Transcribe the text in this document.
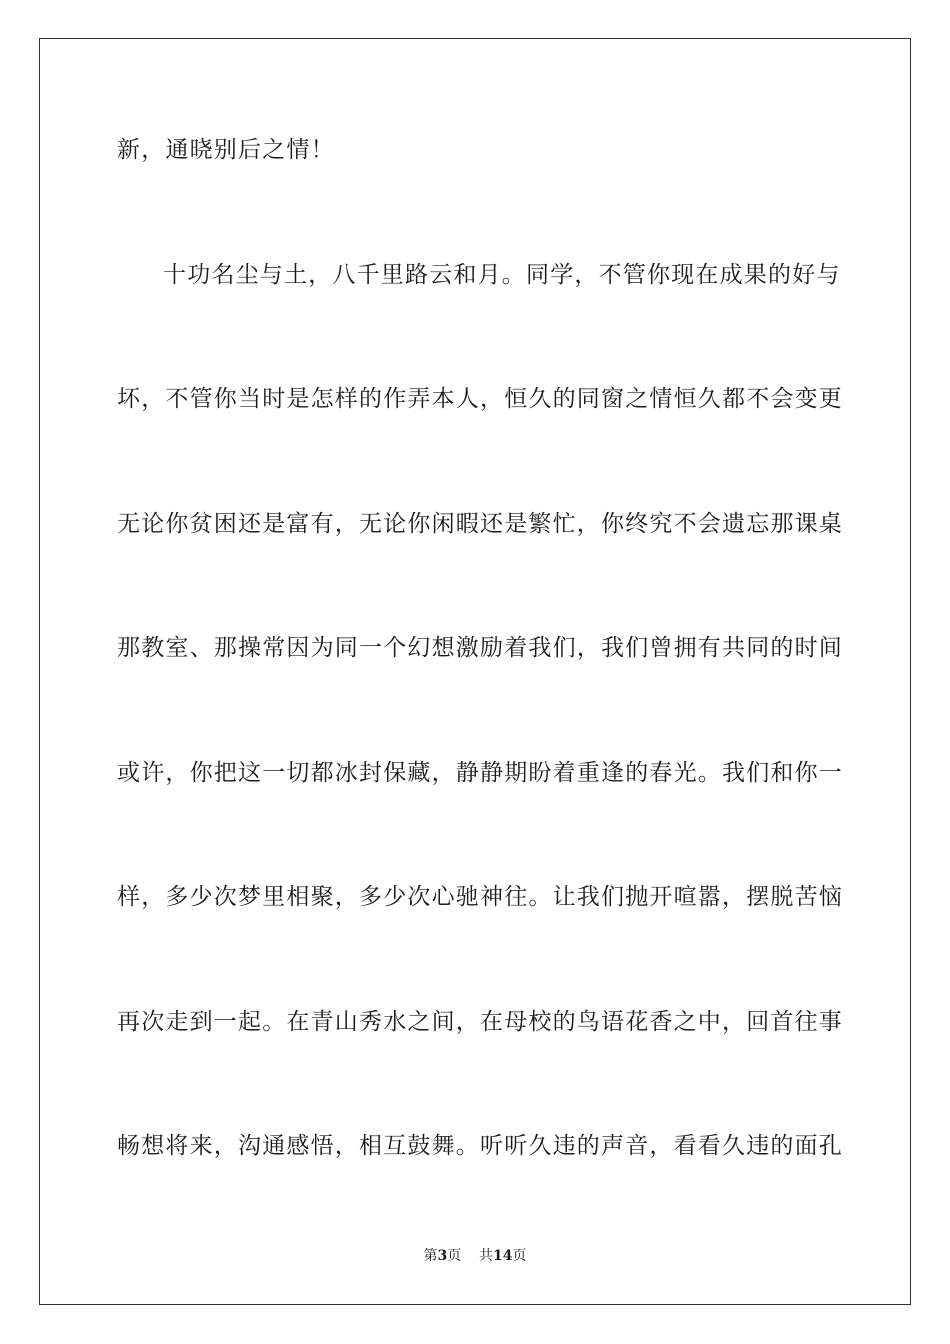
新，通晓别后之情！
十功名尘与土，八千里路云和月。同学，不管你现在成果的好与
坏，不管你当时是怎样的作弄本人，恒久的同窗之情恒久都不会变更
无论你贫困还是富有，无论你闲暇还是繁忙，你终究不会遗忘那课桌
那教室、那操常因为同一个幻想激励着我们，我们曾拥有共同的时间
或许，你把这一切都冰封保藏，静静期盼着重逢的春光。我们和你一
样，多少次梦里相聚，多少次心驰神往。让我们抛开喧嚣，摆脱苦恼
再次走到一起。在青山秀水之间，在母校的鸟语花香之中，回首往事
畅想将来，沟通感悟，相互鼓舞。听听久违的声音，看看久违的面孔
第3页 共14页
